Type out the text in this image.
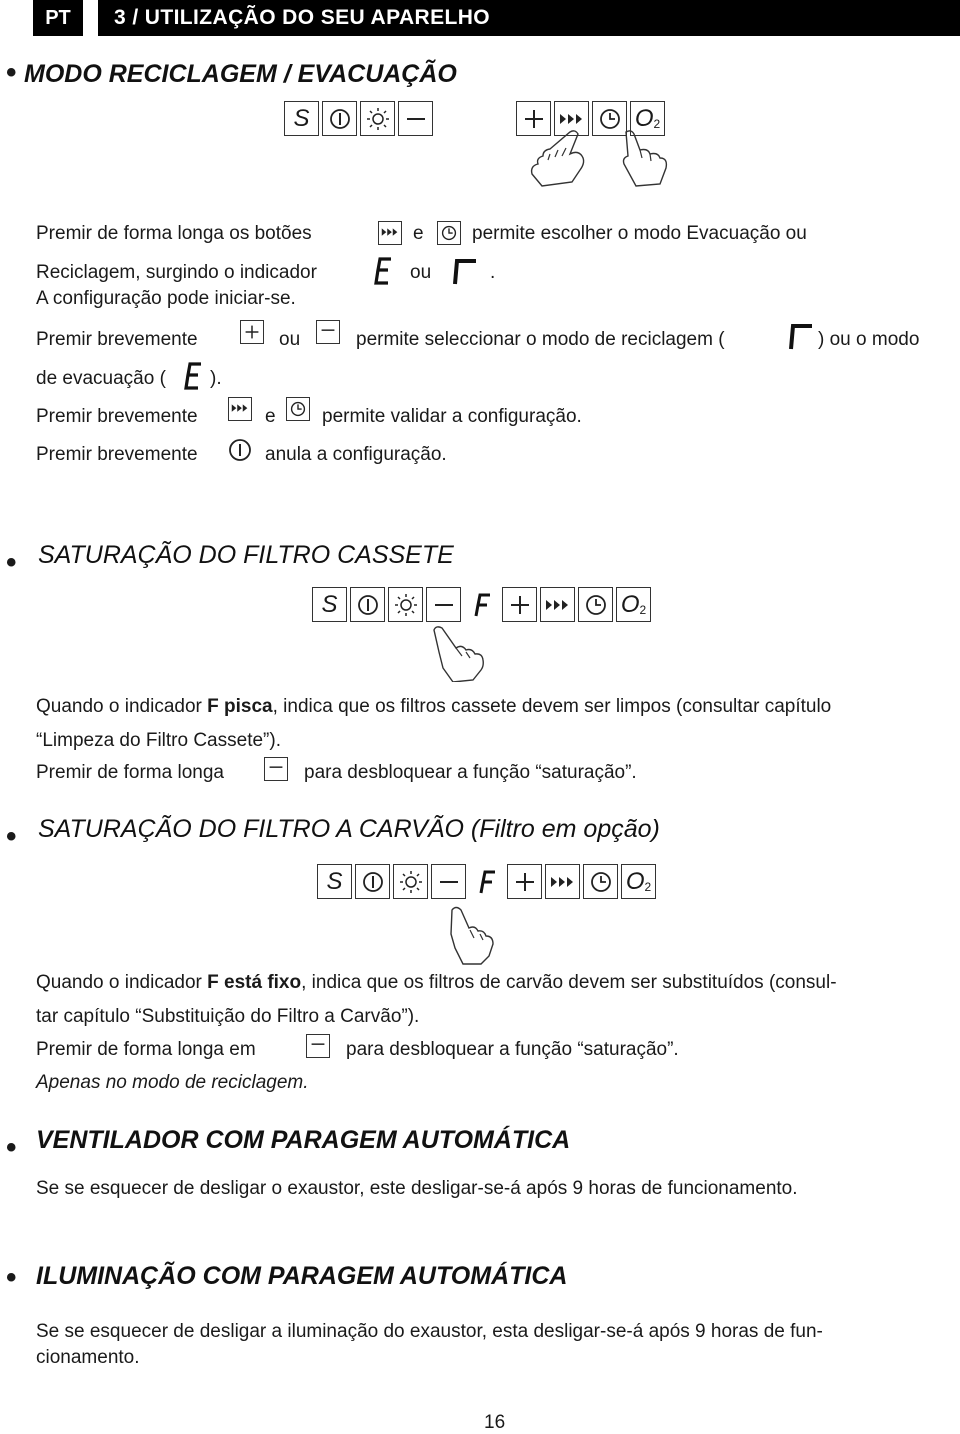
PT	3 / UTILIZAÇÃO DO SEU APARELHO
• MODO RECICLAGEM / EVACUAÇÃO
S	O 2
Premir de forma longa os botões	e	permite escolher o modo Evacuação ou
Reciclagem, surgindo o indicador	ou	.
A configuração pode iniciar-se.
Premir brevemente	ou	permite seleccionar o modo de reciclagem (	) ou o modo
de evacuação ( ).
Premir brevemente	e permite validar a configuração.
Premir brevemente	anula a configuração.
• SATURAÇÃO DO FILTRO CASSETE
S	O 2
Quando o indicador F pisca, indica que os filtros cassete devem ser limpos (consultar capítulo
“Limpeza do Filtro Cassete”).
Premir de forma longa	para desbloquear a função “saturação”.
• SATURAÇÃO DO FILTRO A CARVÃO (Filtro em opção)
S	O 2
Quando o indicador F está fixo, indica que os filtros de carvão devem ser substituídos (consul-
tar capítulo “Substituição do Filtro a Carvão”).
Premir de forma longa em	para desbloquear a função “saturação”.
Apenas no modo de reciclagem.
• VENTILADOR COM PARAGEM AUTOMÁTICA
Se se esquecer de desligar o exaustor, este desligar-se-á após 9 horas de funcionamento.
• ILUMINAÇÃO COM PARAGEM AUTOMÁTICA
Se se esquecer de desligar a iluminação do exaustor, esta desligar-se-á após 9 horas de fun-
cionamento.
16
